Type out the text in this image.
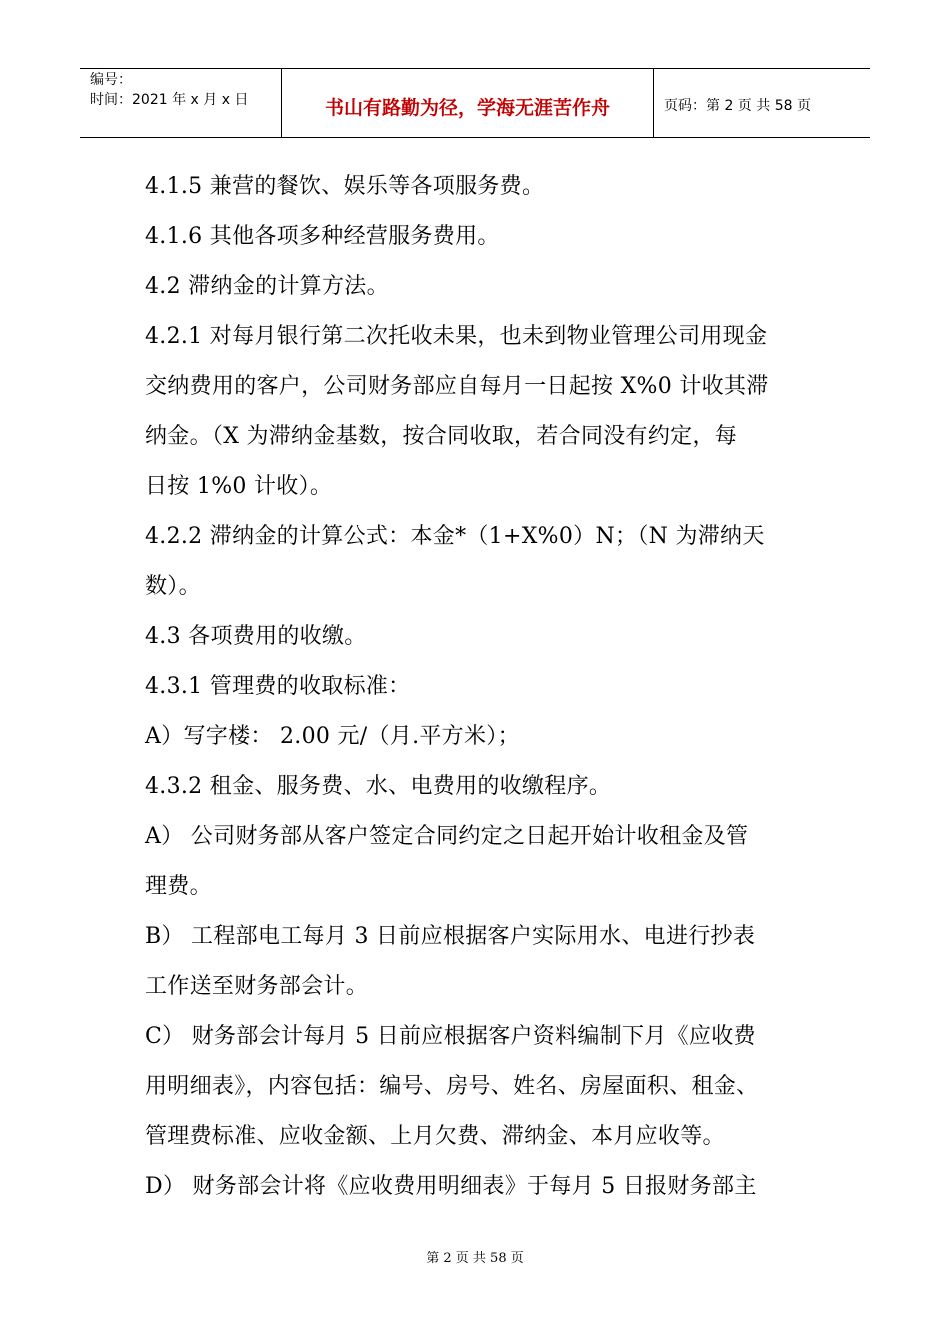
编号：
时间：2021 年 x 月 x 日	书山有路勤为径，学海无涯苦作舟	页码：第 2 页 共 58 页
4.1.5 兼营的餐饮、娱乐等各项服务费。
4.1.6 其他各项多种经营服务费用。
4.2 滞纳金的计算方法。
4.2.1 对每月银行第二次托收未果，也未到物业管理公司用现金
交纳费用的客户，公司财务部应自每月一日起按 X%0 计收其滞
纳金。（X 为滞纳金基数，按合同收取，若合同没有约定，每
日按 1%0 计收）。
4.2.2 滞纳金的计算公式：本金*（1+X%0）N；（N 为滞纳天
数）。
4.3 各项费用的收缴。
4.3.1 管理费的收取标准：
A）写字楼： 2.00 元/（月.平方米）；
4.3.2 租金、服务费、水、电费用的收缴程序。
A） 公司财务部从客户签定合同约定之日起开始计收租金及管
理费。
B） 工程部电工每月 3 日前应根据客户实际用水、电进行抄表
工作送至财务部会计。
C） 财务部会计每月 5 日前应根据客户资料编制下月《应收费
用明细表》，内容包括：编号、房号、姓名、房屋面积、租金、
管理费标准、应收金额、上月欠费、滞纳金、本月应收等。
D） 财务部会计将《应收费用明细表》于每月 5 日报财务部主
第 2 页 共 58 页
